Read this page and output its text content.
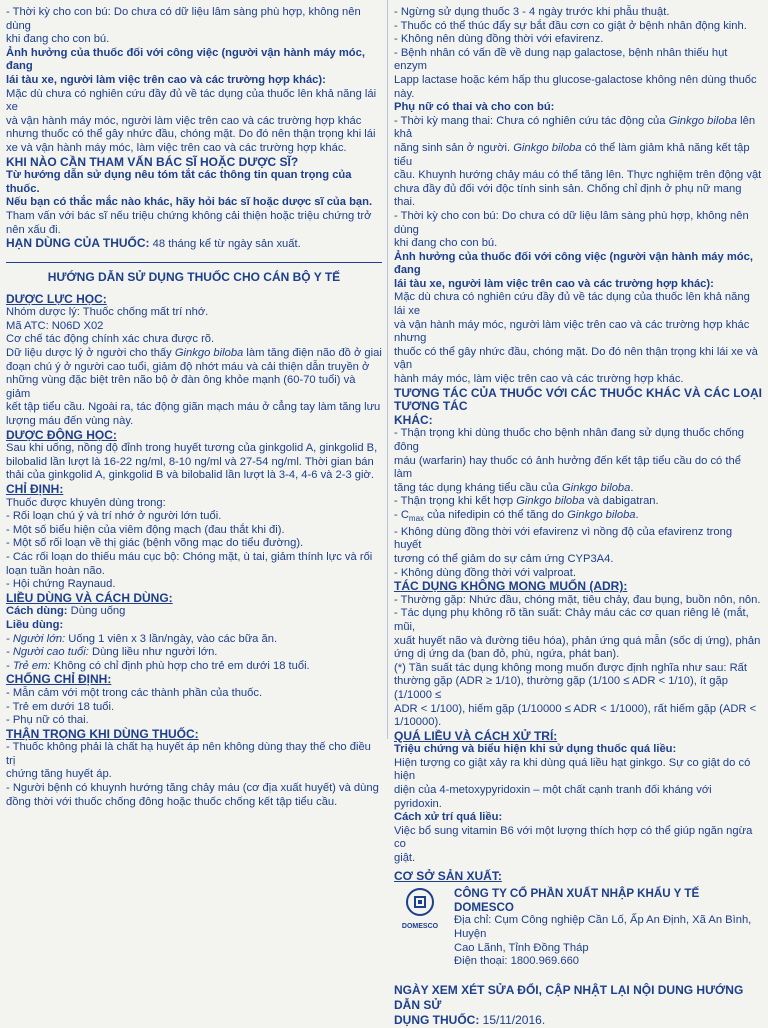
- Thời kỳ cho con bú: Do chưa có dữ liệu lâm sàng phù hợp, không nên dùng

khi đang cho con bú.

Ảnh hưởng của thuốc đối với công việc (người vận hành máy móc, đang

lái tàu xe, người làm việc trên cao và các trường hợp khác):

Mặc dù chưa có nghiên cứu đầy đủ về tác dụng của thuốc lên khả năng lái xe

và vận hành máy móc, người làm việc trên cao và các trường hợp khác

nhưng thuốc có thể gây nhức đầu, chóng mặt. Do đó nên thận trọng khi lái

xe và vận hành máy móc, làm việc trên cao và các trường hợp khác.

KHI NÀO CẦN THAM VẤN BÁC SĨ HOẶC DƯỢC SĨ?

Từ hướng dẫn sử dụng nêu tóm tắt các thông tin quan trọng của thuốc.

Nếu bạn có thắc mắc nào khác, hãy hỏi bác sĩ hoặc dược sĩ của bạn.

Tham vấn với bác sĩ nếu triệu chứng không cải thiện hoặc triệu chứng trở

nên xấu đi.

HẠN DÙNG CỦA THUỐC: 48 tháng kể từ ngày sản xuất.

HƯỚNG DẪN SỬ DỤNG THUỐC CHO CÁN BỘ Y TẾ

DƯỢC LỰC HỌC:

Nhóm dược lý: Thuốc chống mất trí nhớ.

Mã ATC: N06D X02

Cơ chế tác động chính xác chưa được rõ.

Dữ liệu dược lý ở người cho thấy Ginkgo biloba làm tăng điện não đồ ở giai

đoạn chú ý ở người cao tuổi, giảm độ nhớt máu và cải thiện dẫn truyền ở

những vùng đặc biệt trên não bộ ở đàn ông khỏe mạnh (60-70 tuổi) và giảm

kết tập tiểu cầu. Ngoài ra, tác động giãn mạch máu ở cẳng tay làm tăng lưu

lượng máu đến vùng này.

DƯỢC ĐỘNG HỌC:

Sau khi uống, nồng độ đỉnh trong huyết tương của ginkgolid A, ginkgolid B,

bilobalid lần lượt là 16-22 ng/ml, 8-10 ng/ml và 27-54 ng/ml. Thời gian bán

thải của ginkgolid A, ginkgolid B và bilobalid lần lượt là 3-4, 4-6 và 2-3 giờ.

CHỈ ĐỊNH:

Thuốc được khuyên dùng trong:

- Rối loạn chú ý và trí nhớ ở người lớn tuổi.

- Một số biểu hiện của viêm động mạch (đau thắt khi đi).

- Một số rối loạn về thị giác (bệnh võng mạc do tiểu đường).

- Các rối loạn do thiếu máu cục bộ: Chóng mặt, ù tai, giảm thính lực và rối

loạn tuần hoàn não.

- Hội chứng Raynaud.

LIỀU DÙNG VÀ CÁCH DÙNG:

Cách dùng: Dùng uống

Liều dùng:

- Người lớn: Uống 1 viên x 3 lần/ngày, vào các bữa ăn.

- Người cao tuổi: Dùng liều như người lớn.

- Trẻ em: Không có chỉ định phù hợp cho trẻ em dưới 18 tuổi.

CHỐNG CHỈ ĐỊNH:

- Mẫn cảm với một trong các thành phần của thuốc.

- Trẻ em dưới 18 tuổi.

- Phụ nữ có thai.

THẬN TRỌNG KHI DÙNG THUỐC:

- Thuốc không phải là chất hạ huyết áp nên không dùng thay thế cho điều trị

chứng tăng huyết áp.

- Người bệnh có khuynh hướng tăng chảy máu (cơ địa xuất huyết) và dùng

đồng thời với thuốc chống đông hoặc thuốc chống kết tập tiểu cầu.

- Ngừng sử dụng thuốc 3 - 4 ngày trước khi phẫu thuật.

- Thuốc có thể thúc đẩy sự bắt đầu cơn co giật ở bệnh nhân động kinh.

- Không nên dùng đồng thời với efavirenz.

- Bệnh nhân có vấn đề về dung nạp galactose, bệnh nhân thiếu hụt enzym

Lapp lactase hoặc kém hấp thu glucose-galactose không nên dùng thuốc này.

Phụ nữ có thai và cho con bú:

- Thời kỳ mang thai: Chưa có nghiên cứu tác động của Ginkgo biloba lên khả

năng sinh sản ở người. Ginkgo biloba có thể làm giảm khả năng kết tập tiểu

cầu. Khuynh hướng chảy máu có thể tăng lên. Thực nghiệm trên động vật

chưa đầy đủ đối với độc tính sinh sản. Chống chỉ định ở phụ nữ mang thai.

- Thời kỳ cho con bú: Do chưa có dữ liệu lâm sàng phù hợp, không nên dùng

khi đang cho con bú.

Ảnh hưởng của thuốc đối với công việc (người vận hành máy móc, đang

lái tàu xe, người làm việc trên cao và các trường hợp khác):

Mặc dù chưa có nghiên cứu đầy đủ về tác dụng của thuốc lên khả năng lái xe

và vận hành máy móc, người làm việc trên cao và các trường hợp khác nhưng

thuốc có thể gây nhức đầu, chóng mặt. Do đó nên thận trọng khi lái xe và vận

hành máy móc, làm việc trên cao và các trường hợp khác.

TƯƠNG TÁC CỦA THUỐC VỚI CÁC THUỐC KHÁC VÀ CÁC LOẠI TƯƠNG TÁC

KHÁC:

- Thận trọng khi dùng thuốc cho bệnh nhân đang sử dụng thuốc chống đông

máu (warfarin) hay thuốc có ảnh hưởng đến kết tập tiểu cầu do có thể làm

tăng tác dụng kháng tiểu cầu của Ginkgo biloba.

- Thận trọng khi kết hợp Ginkgo biloba và dabigatran.

- $C_{max}$ của nifedipin có thể tăng do Ginkgo biloba.

- Không dùng đồng thời với efavirenz vì nồng độ của efavirenz trong huyết

tương có thể giảm do sự cảm ứng CYP3A4.

- Không dùng đồng thời với valproat.

TÁC DỤNG KHÔNG MONG MUỐN (ADR):

- Thường gặp: Nhức đầu, chóng mặt, tiêu chảy, đau bụng, buồn nôn, nôn.

- Tác dụng phụ không rõ tần suất: Chảy máu các cơ quan riêng lẻ (mắt, mũi,

xuất huyết não và đường tiêu hóa), phản ứng quá mẫn (sốc dị ứng), phản

ứng dị ứng da (ban đỏ, phù, ngứa, phát ban).

(*) Tần suất tác dụng không mong muốn được định nghĩa như sau: Rất

thường gặp (ADR ≥ 1/10), thường gặp (1/100 ≤ ADR < 1/10), ít gặp (1/1000 ≤

ADR < 1/100), hiếm gặp (1/10000 ≤ ADR < 1/1000), rất hiếm gặp (ADR <

1/10000).

QUÁ LIỀU VÀ CÁCH XỬ TRÍ:

Triệu chứng và biểu hiện khi sử dụng thuốc quá liều:

Hiện tượng co giật xảy ra khi dùng quá liều hạt ginkgo. Sự co giật do có hiện

diện của 4-metoxypyridoxin – một chất cạnh tranh đối kháng với pyridoxin.

Cách xử trí quá liều:

Việc bổ sung vitamin B6 với một lượng thích hợp có thể giúp ngăn ngừa co

giật.

CƠ SỞ SẢN XUẤT:

DOMESCO

CÔNG TY CỔ PHẦN XUẤT NHẬP KHẨU Y TẾ DOMESCO

Địa chỉ: Cụm Công nghiệp Cần Lố, Ấp An Định, Xã An Bình, Huyện

Cao Lãnh, Tỉnh Đồng Tháp

Điện thoại: 1800.969.660

NGÀY XEM XÉT SỬA ĐỔI, CẬP NHẬT LẠI NỘI DUNG HƯỚNG DẪN SỬ
DỤNG THUỐC: 15/11/2016.
